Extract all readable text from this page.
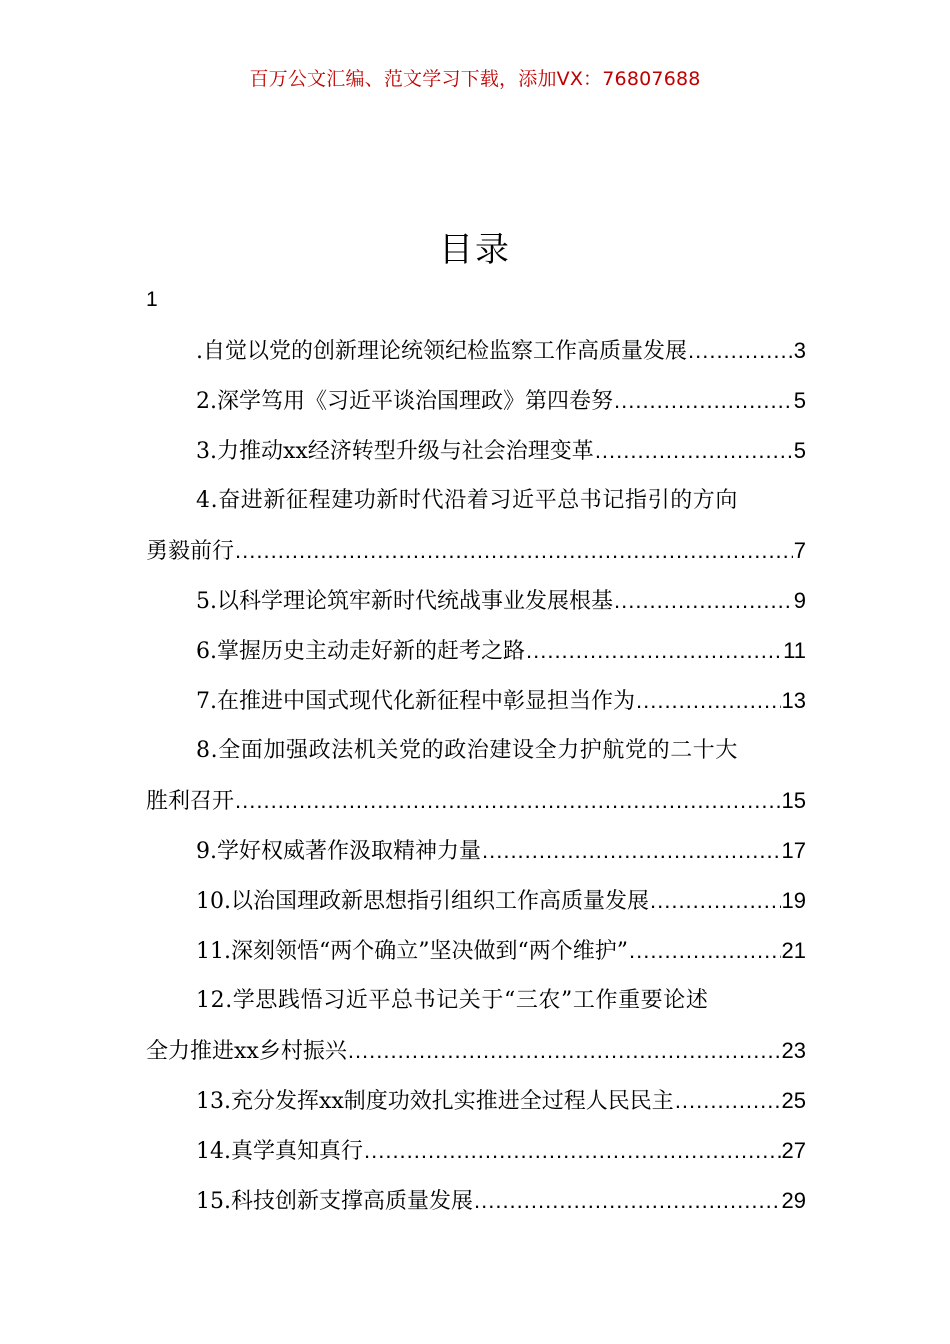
百万公文汇编、范文学习下载，添加VX：76807688
目录
1
.自觉以党的创新理论统领纪检监察工作高质量发展 .....	3
2.深学笃用《习近平谈治国理政》第四卷努 .....	5
3.力推动xx经济转型升级与社会治理变革 .....	5
4.奋进新征程建功新时代沿着习近平总书记指引的方向
勇毅前行 .....	7
5.以科学理论筑牢新时代统战事业发展根基 .....	9
6.掌握历史主动走好新的赶考之路 .....	11
7.在推进中国式现代化新征程中彰显担当作为 .....	13
8.全面加强政法机关党的政治建设全力护航党的二十大
胜利召开 .....	15
9.学好权威著作汲取精神力量 .....	17
10.以治国理政新思想指引组织工作高质量发展 .....	19
11.深刻领悟“两个确立”坚决做到“两个维护” .....	21
12.学思践悟习近平总书记关于“三农”工作重要论述
全力推进xx乡村振兴 .....	23
13.充分发挥xx制度功效扎实推进全过程人民民主 .....	25
14.真学真知真行 .....	27
15.科技创新支撑高质量发展 .....	29
